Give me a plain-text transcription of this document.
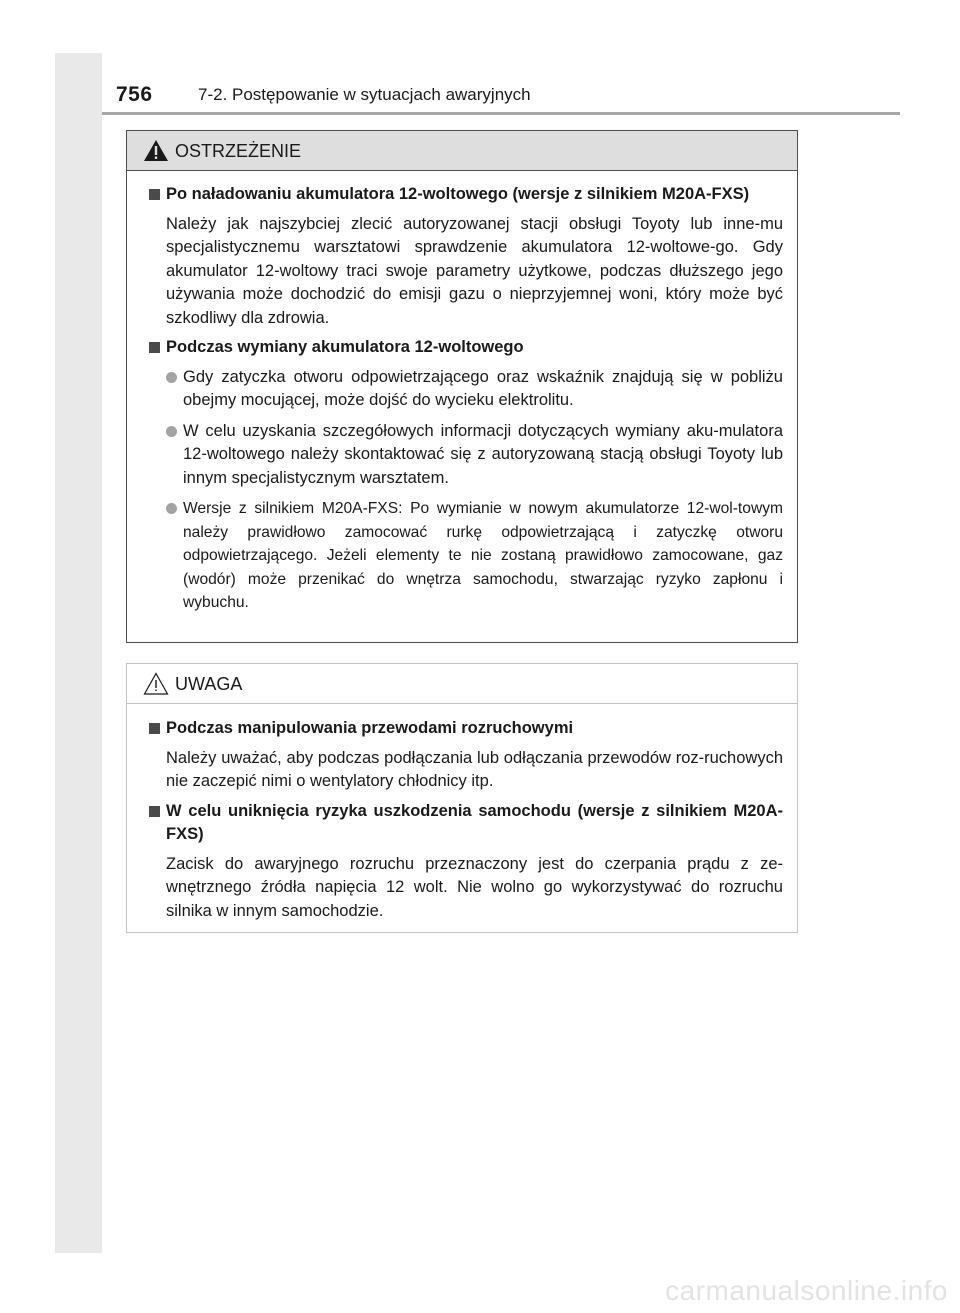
756	7-2. Postępowanie w sytuacjach awaryjnych
OSTRZEŻENIE
Po naładowaniu akumulatora 12-woltowego (wersje z silnikiem M20A-FXS)
Należy jak najszybciej zlecić autoryzowanej stacji obsługi Toyoty lub inne-mu specjalistycznemu warsztatowi sprawdzenie akumulatora 12-woltowe-go. Gdy akumulator 12-woltowy traci swoje parametry użytkowe, podczas dłuższego jego używania może dochodzić do emisji gazu o nieprzyjemnej woni, który może być szkodliwy dla zdrowia.
Podczas wymiany akumulatora 12-woltowego
Gdy zatyczka otworu odpowietrzającego oraz wskaźnik znajdują się w pobliżu obejmy mocującej, może dojść do wycieku elektrolitu.
W celu uzyskania szczegółowych informacji dotyczących wymiany aku-mulatora 12-woltowego należy skontaktować się z autoryzowaną stacją obsługi Toyoty lub innym specjalistycznym warsztatem.
Wersje z silnikiem M20A-FXS: Po wymianie w nowym akumulatorze 12-wol-towym należy prawidłowo zamocować rurkę odpowietrzającą i zatyczkę otworu odpowietrzającego. Jeżeli elementy te nie zostaną prawidłowo zamocowane, gaz (wodór) może przenikać do wnętrza samochodu, stwarzając ryzyko zapłonu i wybuchu.
UWAGA
Podczas manipulowania przewodami rozruchowymi
Należy uważać, aby podczas podłączania lub odłączania przewodów roz-ruchowych nie zaczepić nimi o wentylatory chłodnicy itp.
W celu uniknięcia ryzyka uszkodzenia samochodu (wersje z silnikiem M20A-FXS)
Zacisk do awaryjnego rozruchu przeznaczony jest do czerpania prądu z ze-wnętrznego źródła napięcia 12 wolt. Nie wolno go wykorzystywać do rozruchu silnika w innym samochodzie.
carmanualsonline.info
